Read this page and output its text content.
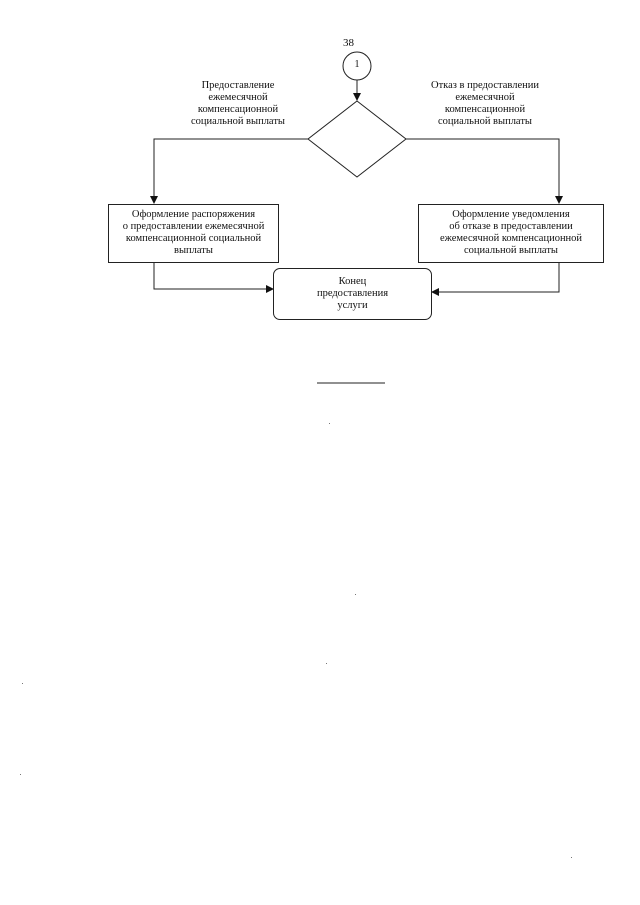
38
1
Предоставление
ежемесячной
компенсационной
социальной выплаты
Отказ в предоставлении
ежемесячной
компенсационной
социальной выплаты
Оформление распоряжения
о предоставлении ежемесячной
компенсационной социальной
выплаты
Оформление уведомления
об отказе в предоставлении
ежемесячной компенсационной
социальной выплаты
Конец
предоставления
услуги
